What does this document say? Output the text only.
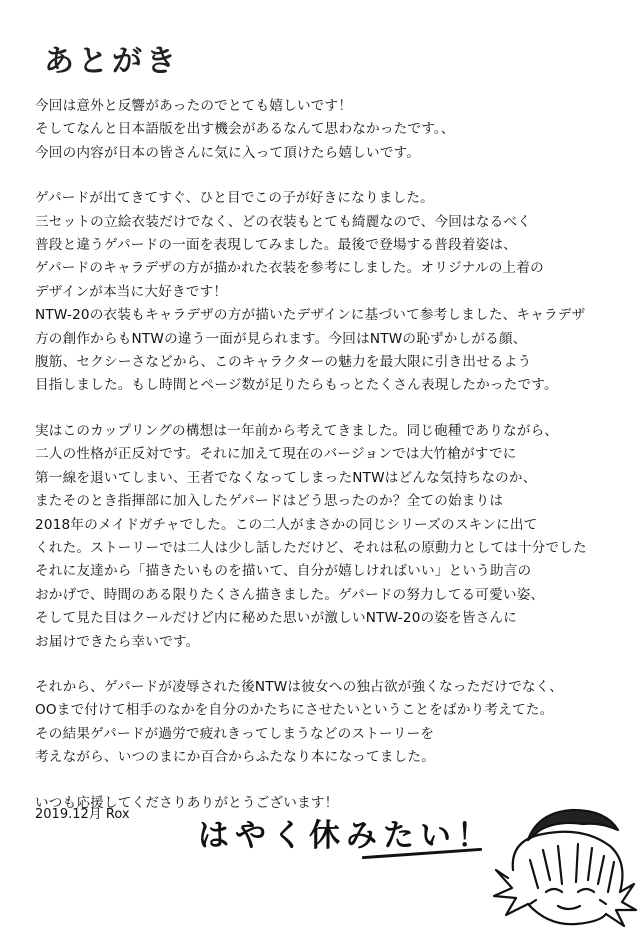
あとがき
今回は意外と反響があったのでとても嬉しいです！
そしてなんと日本語版を出す機会があるなんて思わなかったです。、
今回の内容が日本の皆さんに気に入って頂けたら嬉しいです。
ゲパードが出てきてすぐ、ひと目でこの子が好きになりました。
三セットの立絵衣装だけでなく、どの衣装もとても綺麗なので、今回はなるべく
普段と違うゲパードの一面を表現してみました。最後で登場する普段着姿は、
ゲパードのキャラデザの方が描かれた衣装を参考にしました。オリジナルの上着の
デザインが本当に大好きです！
NTW-20の衣装もキャラデザの方が描いたデザインに基づいて参考しました、キャラデザ
方の創作からもNTWの違う一面が見られます。今回はNTWの恥ずかしがる顔、
腹筋、セクシーさなどから、このキャラクターの魅力を最大限に引き出せるよう
目指しました。もし時間とページ数が足りたらもっとたくさん表現したかったです。
実はこのカップリングの構想は一年前から考えてきました。同じ砲種でありながら、
二人の性格が正反対です。それに加えて現在のバージョンでは大竹槍がすでに
第一線を退いてしまい、王者でなくなってしまったNTWはどんな気持ちなのか、
またそのとき指揮部に加入したゲパードはどう思ったのか？全ての始まりは
2018年のメイドガチャでした。この二人がまさかの同じシリーズのスキンに出て
くれた。ストーリーでは二人は少し話しただけど、それは私の原動力としては十分でした
それに友達から「描きたいものを描いて、自分が嬉しければいい」という助言の
おかげで、時間のある限りたくさん描きました。ゲパードの努力してる可愛い姿、
そして見た目はクールだけど内に秘めた思いが激しいNTW-20の姿を皆さんに
お届けできたら幸いです。
それから、ゲパードが凌辱された後NTWは彼女への独占欲が強くなっただけでなく、
OOまで付けて相手のなかを自分のかたちにさせたいということをばかり考えてた。
その結果ゲパードが過労で疲れきってしまうなどのストーリーを
考えながら、いつのまにか百合からふたなり本になってました。
いつも応援してくださりありがとうございます！
2019.12月 Rox
はやく休みたい！
